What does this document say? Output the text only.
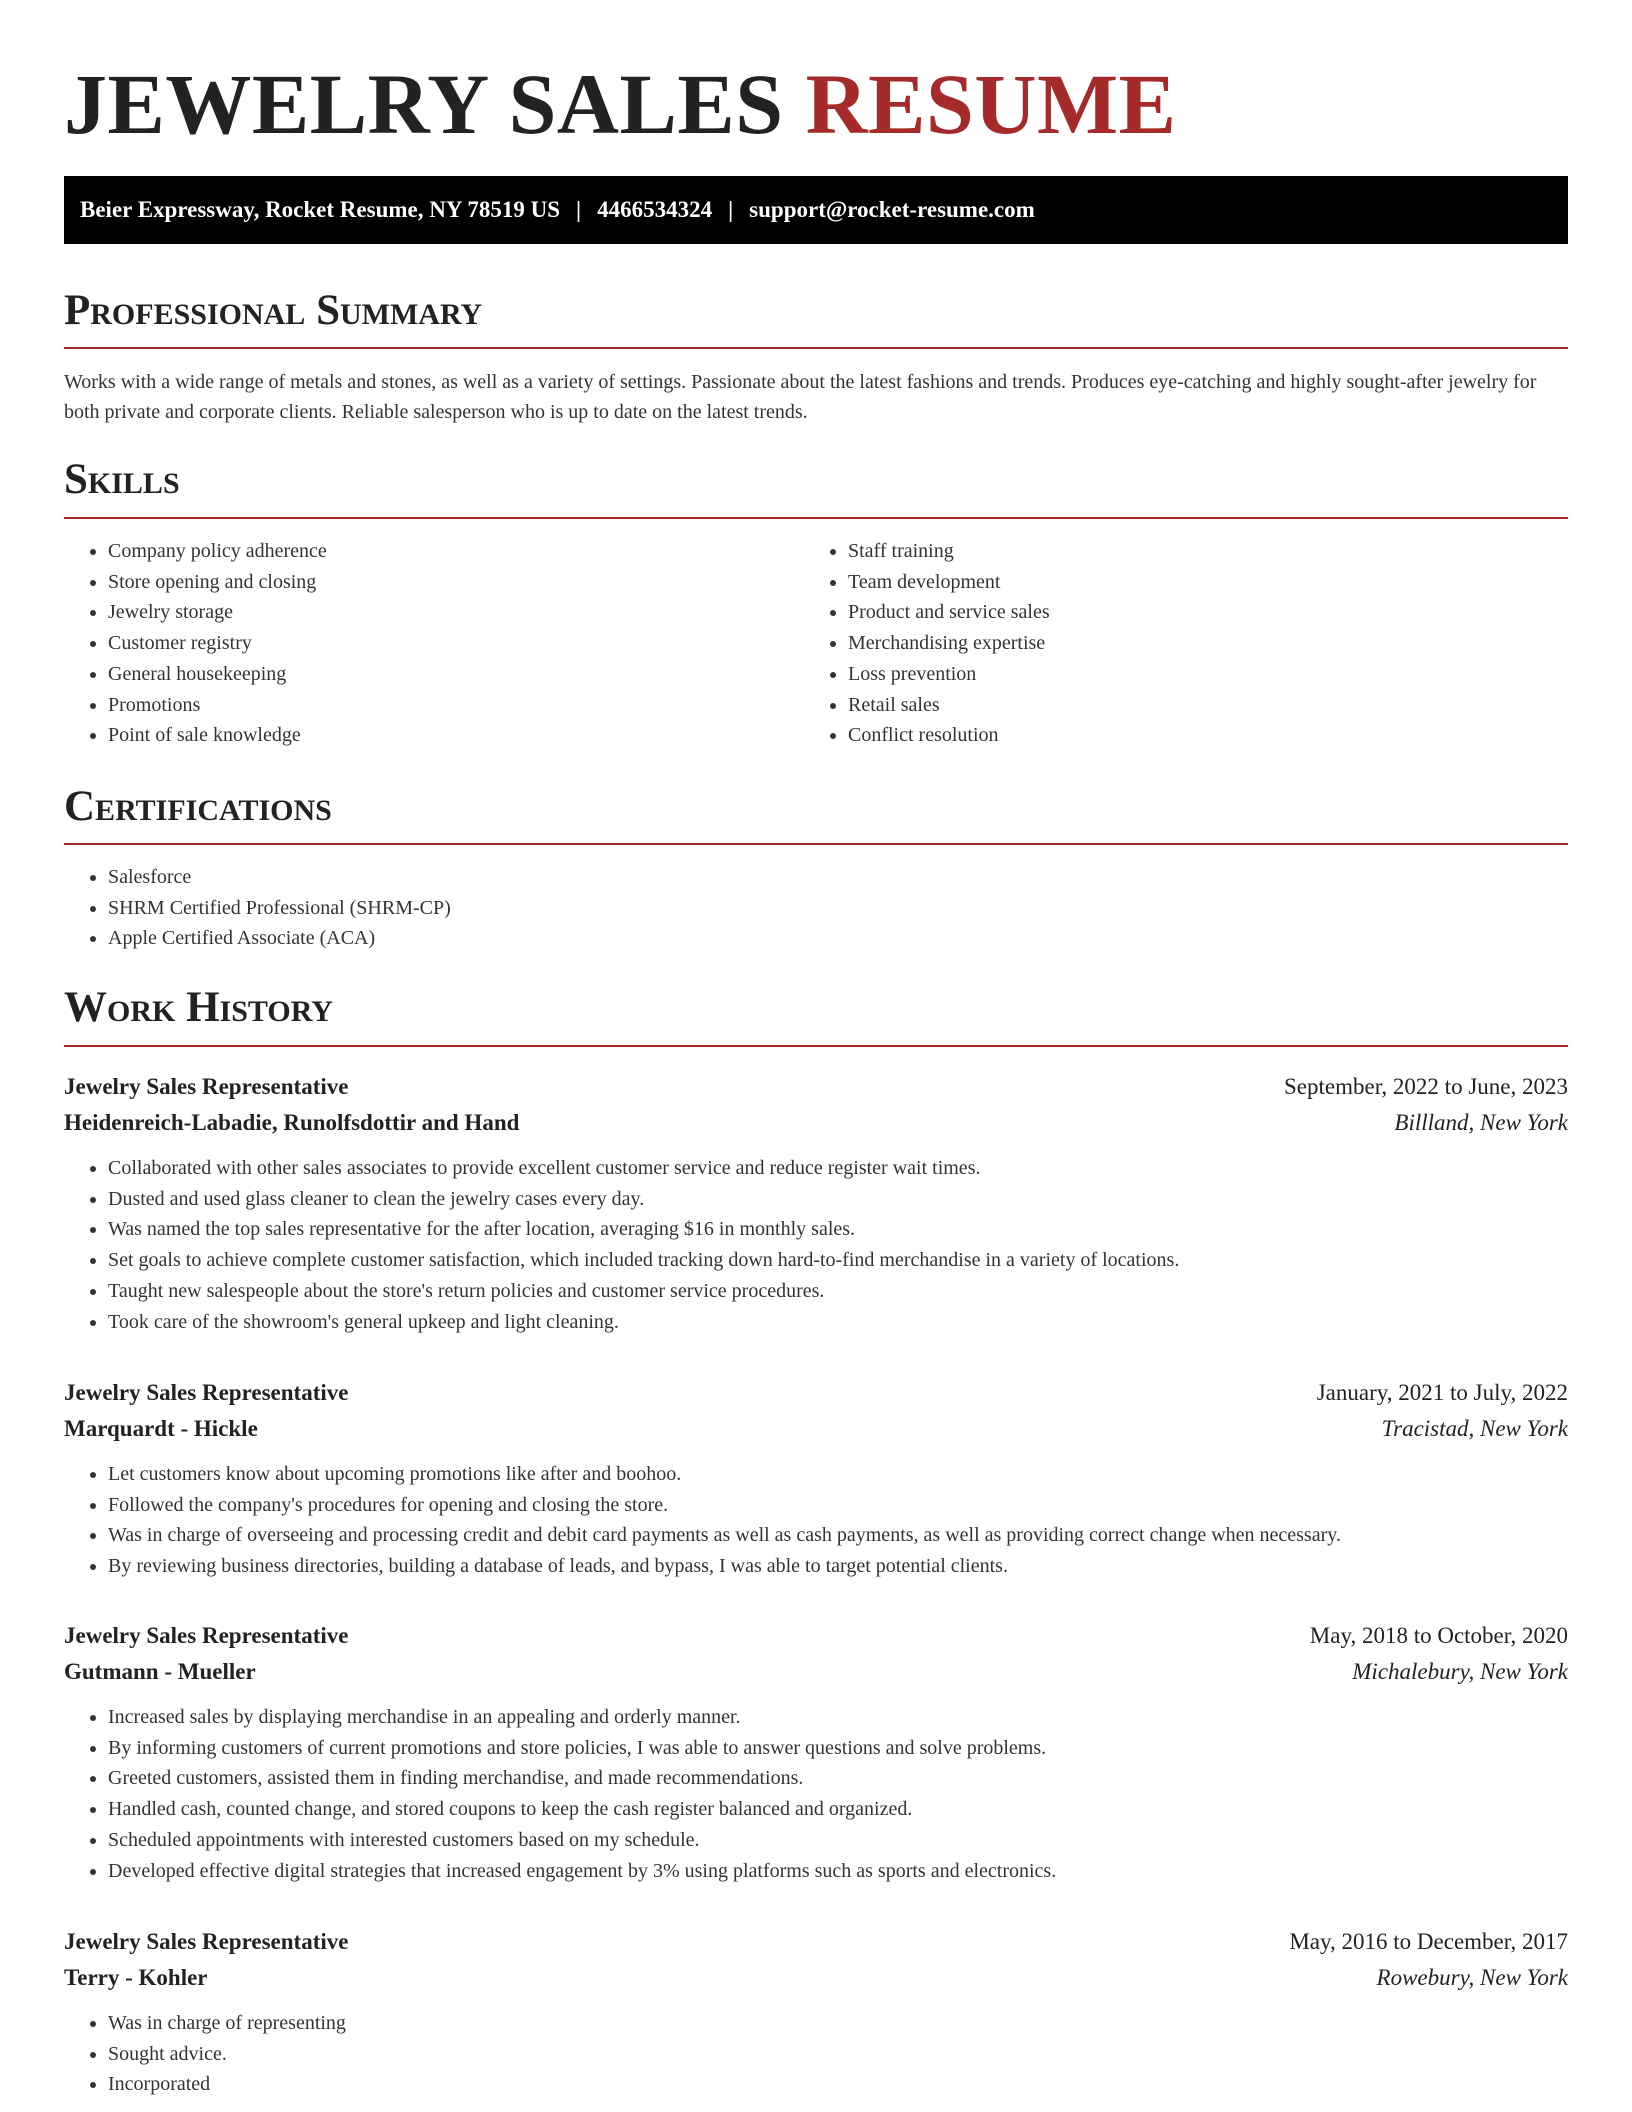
JEWELRY SALES RESUME
Beier Expressway, Rocket Resume, NY 78519 US | 4466534324 | support@rocket-resume.com
Professional Summary

Works with a wide range of metals and stones, as well as a variety of settings. Passionate about the latest fashions and trends. Produces eye-catching and highly sought-after jewelry for both private and corporate clients. Reliable salesperson who is up to date on the latest trends.

Skills
• Company policy adherence
• Store opening and closing
• Jewelry storage
• Customer registry
• General housekeeping
• Promotions
• Point of sale knowledge
• Staff training
• Team development
• Product and service sales
• Merchandising expertise
• Loss prevention
• Retail sales
• Conflict resolution
Certifications
• Salesforce
• SHRM Certified Professional (SHRM-CP)
• Apple Certified Associate (ACA)
Work History
Jewelry Sales Representative	September, 2022 to June, 2023
Heidenreich-Labadie, Runolfsdottir and Hand	Billland, New York
• Collaborated with other sales associates to provide excellent customer service and reduce register wait times.
• Dusted and used glass cleaner to clean the jewelry cases every day.
• Was named the top sales representative for the after location, averaging $16 in monthly sales.
• Set goals to achieve complete customer satisfaction, which included tracking down hard-to-find merchandise in a variety of locations.
• Taught new salespeople about the store's return policies and customer service procedures.
• Took care of the showroom's general upkeep and light cleaning.
Jewelry Sales Representative	January, 2021 to July, 2022
Marquardt - Hickle	Tracistad, New York
• Let customers know about upcoming promotions like after and boohoo.
• Followed the company's procedures for opening and closing the store.
• Was in charge of overseeing and processing credit and debit card payments as well as cash payments, as well as providing correct change when necessary.
• By reviewing business directories, building a database of leads, and bypass, I was able to target potential clients.
Jewelry Sales Representative	May, 2018 to October, 2020
Gutmann - Mueller	Michalebury, New York
• Increased sales by displaying merchandise in an appealing and orderly manner.
• By informing customers of current promotions and store policies, I was able to answer questions and solve problems.
• Greeted customers, assisted them in finding merchandise, and made recommendations.
• Handled cash, counted change, and stored coupons to keep the cash register balanced and organized.
• Scheduled appointments with interested customers based on my schedule.
• Developed effective digital strategies that increased engagement by 3% using platforms such as sports and electronics.
Jewelry Sales Representative	May, 2016 to December, 2017
Terry - Kohler	Rowebury, New York
• Was in charge of representing
• Sought advice.
• Incorporated
